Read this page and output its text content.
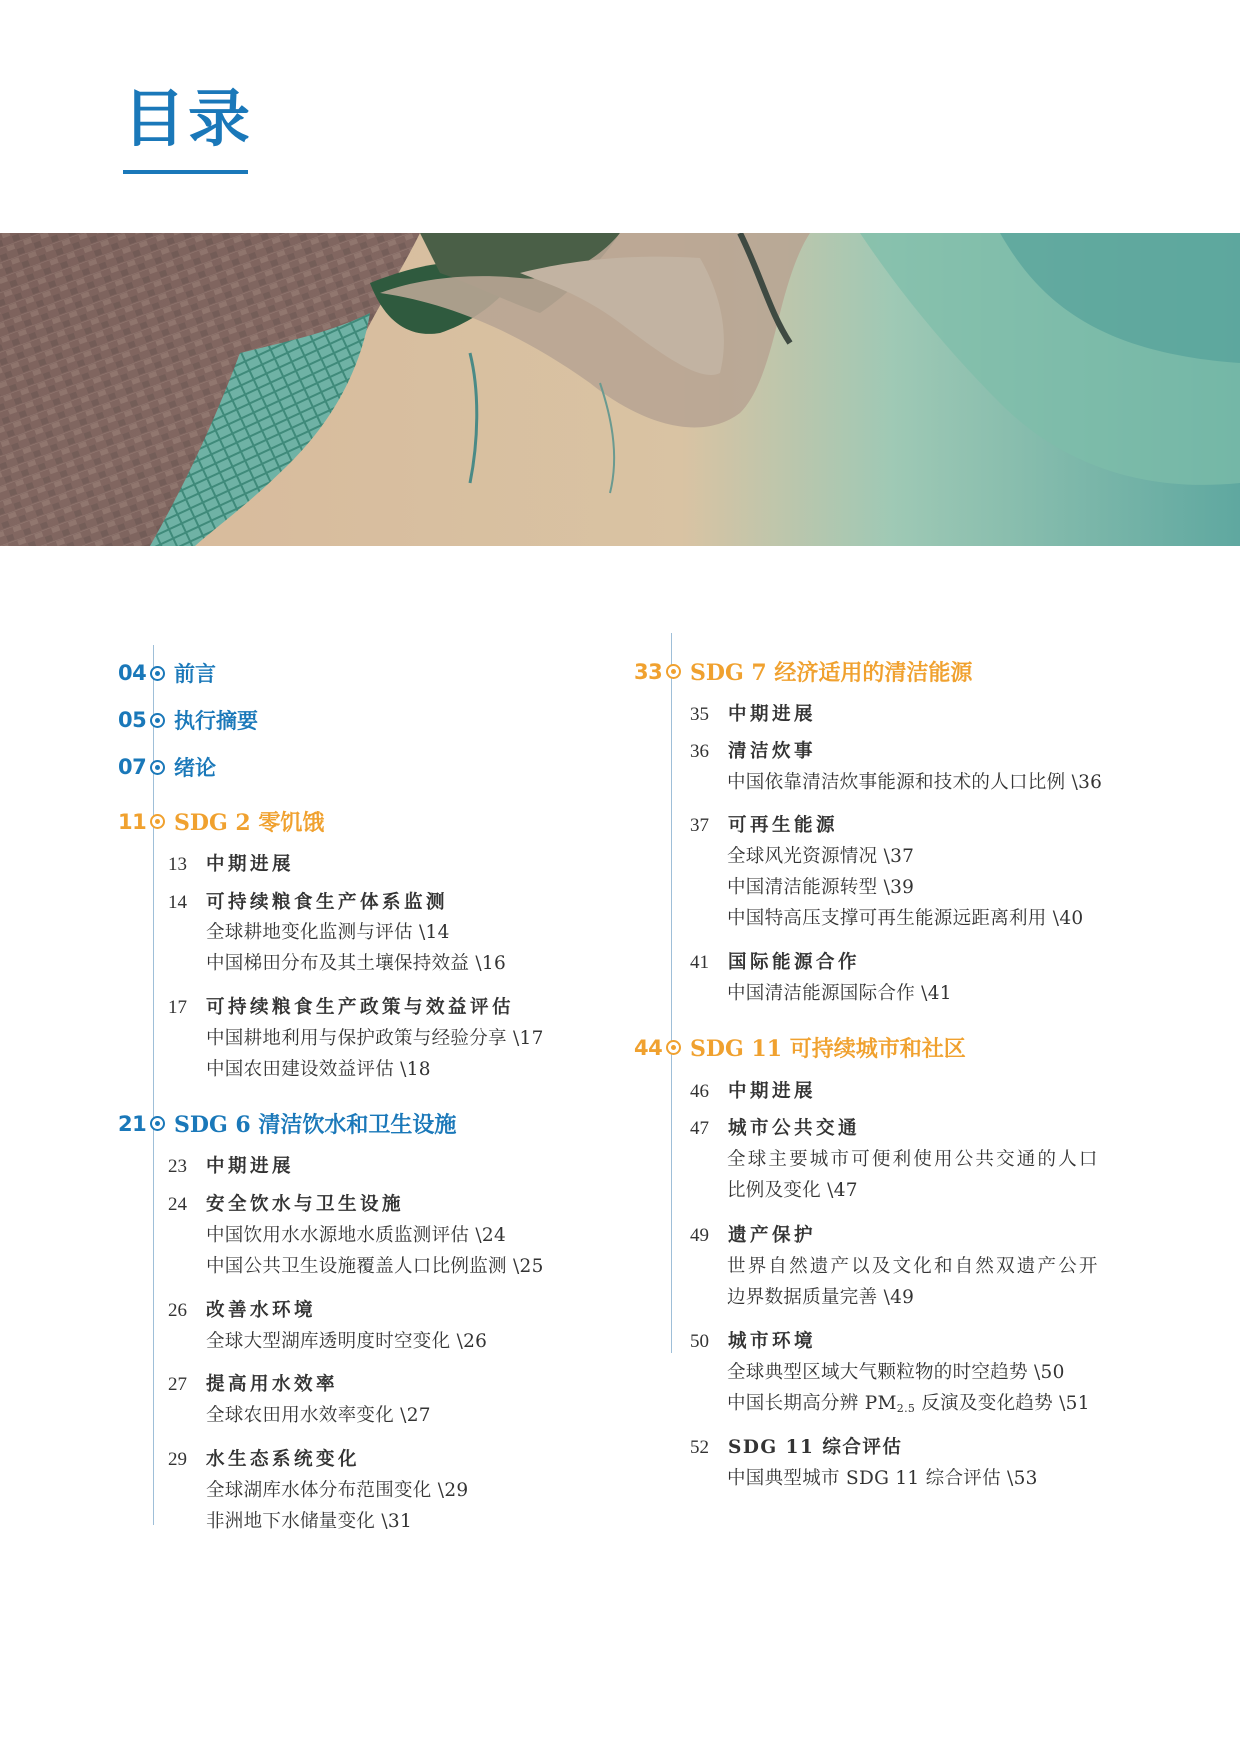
目录
04 前言
05 执行摘要
07 绪论
11 SDG 2 零饥饿
13 中期进展
14 可持续粮食生产体系监测
全球耕地变化监测与评估 \14
中国梯田分布及其土壤保持效益 \16
17 可持续粮食生产政策与效益评估
中国耕地利用与保护政策与经验分享 \17
中国农田建设效益评估 \18
21 SDG 6 清洁饮水和卫生设施
23 中期进展
24 安全饮水与卫生设施
中国饮用水水源地水质监测评估 \24
中国公共卫生设施覆盖人口比例监测 \25
26 改善水环境
全球大型湖库透明度时空变化 \26
27 提高用水效率
全球农田用水效率变化 \27
29 水生态系统变化
全球湖库水体分布范围变化 \29
非洲地下水储量变化 \31
33 SDG 7 经济适用的清洁能源
35 中期进展
36 清洁炊事
中国依靠清洁炊事能源和技术的人口比例 \36
37 可再生能源
全球风光资源情况 \37
中国清洁能源转型 \39
中国特高压支撑可再生能源远距离利用 \40
41 国际能源合作
中国清洁能源国际合作 \41
44 SDG 11 可持续城市和社区
46 中期进展
47 城市公共交通
全球主要城市可便利使用公共交通的人口
比例及变化 \47
49 遗产保护
世界自然遗产以及文化和自然双遗产公开
边界数据质量完善 \49
50 城市环境
全球典型区域大气颗粒物的时空趋势 \50
中国长期高分辨 $PM_{2.5}$ 反演及变化趋势 \51
52 SDG 11 综合评估
中国典型城市 SDG 11 综合评估 \53
